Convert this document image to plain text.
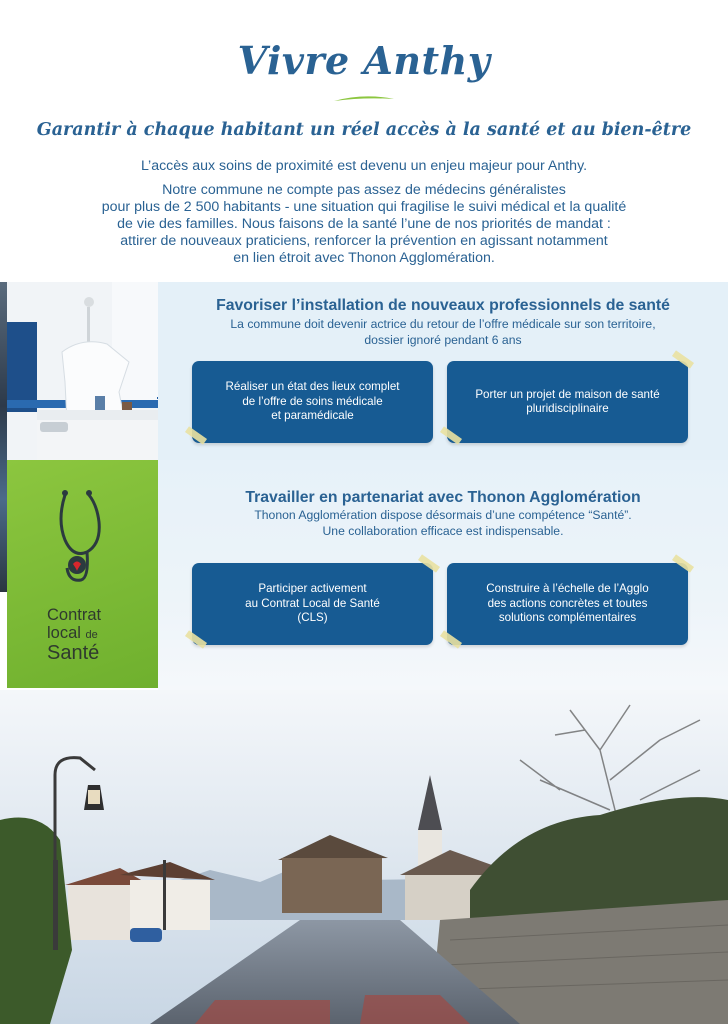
Vivre Anthy
Garantir à chaque habitant un réel accès à la santé et au bien-être

L’accès aux soins de proximité est devenu un enjeu majeur pour Anthy.

Notre commune ne compte pas assez de médecins généralistes
pour plus de 2 500 habitants - une situation qui fragilise le suivi médical et la qualité
de vie des familles. Nous faisons de la santé l’une de nos priorités de mandat :
attirer de nouveaux praticiens, renforcer la prévention en agissant notamment
en lien étroit avec Thonon Agglomération.

Favoriser l’installation de nouveaux professionnels de santé
La commune doit devenir actrice du retour de l’offre médicale sur son territoire,
dossier ignoré pendant 6 ans
Réaliser un état des lieux complet
de l’offre de soins médicale
et paramédicale
Porter un projet de maison de santé
pluridisciplinaire
Contrat
local de
Santé
Travailler en partenariat avec Thonon Agglomération
Thonon Agglomération dispose désormais d’une compétence “Santé”.
Une collaboration efficace est indispensable.
Participer activement
au Contrat Local de Santé
(CLS)
Construire à l’échelle de l’Agglo
des actions concrètes et toutes
solutions complémentaires
